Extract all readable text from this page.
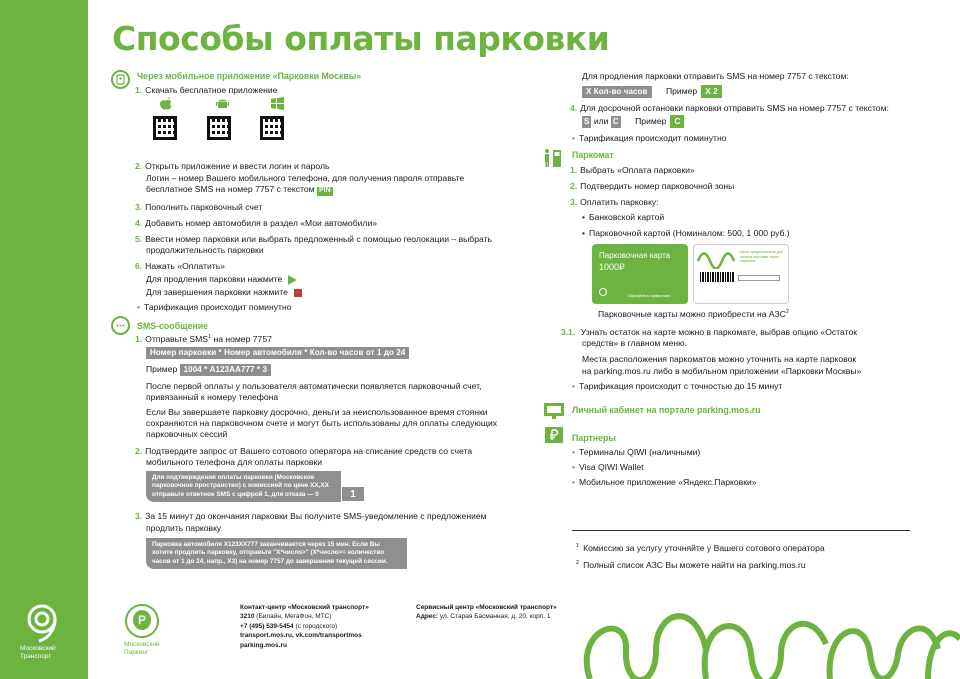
Способы оплаты парковки
Через мобильное приложение «Парковки Москвы»
1. Скачать бесплатное приложение
2. Открыть приложение и ввести логин и пароль
Логин – номер Вашего мобильного телефона, для получения пароля отправьте
бесплатное SMS на номер 7757 с текстом PIN
3. Пополнить парковочный счет
4. Добавить номер автомобиля в раздел «Мои автомобили»
5. Ввести номер парковки или выбрать предложенный с помощью геолокации – выбрать
продолжительность парковки
6. Нажать «Оплатить»
Для продления парковки нажмите
Для завершения парковки нажмите
• Тарификация происходит поминутно
SMS-сообщение
1. Отправьте SMS$^1$ на номер 7757
Номер парковки * Номер автомобиля * Кол-во часов от 1 до 24
Пример 1004 * А123АА777 * 3
После первой оплаты у пользователя автоматически появляется парковочный счет,
привязанный к номеру телефона
Если Вы завершаете парковку досрочно, деньги за неиспользованное время стоянки
сохраняются на парковочном счете и могут быть использованы для оплаты следующих
парковочных сессий
2. Подтвердите запрос от Вашего сотового оператора на списание средств со счета
мобильного телефона для оплаты парковки
Для подтверждения оплаты парковки (Московское
парковочное пространство) с комиссией по цене XX,XX
отправьте ответное SMS с цифрой 1, для отказа — 0	1
3. За 15 минут до окончания парковки Вы получите SMS-уведомление с предложением
продлить парковку
Парковка автомобиля Х123ХХ777 заканчивается через 15 мин. Если Вы
хотите продлить парковку, отправьте "Х*число>" (Х*число>= количество
часов от 1 до 24, напр., Х3) на номер 7757 до завершения текущей сессии.
Для продления парковки отправить SMS на номер 7757 с текстом:
Х Кол-во часов Пример Х 2
4. Для досрочной остановки парковки отправить SMS на номер 7757 с текстом:
S или С Пример С
• Тарификация происходит поминутно
Паркомат
1. Выбрать «Оплата парковки»
2. Подтвердить номер парковочной зоны
3. Оплатить парковку:
• Банковской картой
• Парковочной картой (Номиналом: 500, 1 000 руб.)
Парковочная карта
1000₽
Паркуйтесь правильно
карта предназначена для оплаты парковки через паркомат
Парковочные карты можно приобрести на АЗС$^2$
3.1. Узнать остаток на карте можно в паркомате, выбрав опцию «Остаток
средств» в главном меню.
Места расположения паркоматов можно уточнить на карте парковок
на parking.mos.ru либо в мобильном приложении «Парковки Москвы»
• Тарификация происходит с точностью до 15 минут
Личный кабинет на портале parking.mos.ru
Партнеры
• Терминалы QIWI (наличными)
• Visa QIWI Wallet
• Мобильное приложение «Яндекс.Парковки»
$^1$ Комиссию за услугу уточняйте у Вашего сотового оператора
$^2$ Полный список АЗС Вы можете найти на parking.mos.ru
Московский
Транспорт
P
Московский
Паркинг
Контакт-центр «Московский транспорт»
3210 (Билайн, МегаФон, МТС)
+7 (495) 539-5454 (с городского)
transport.mos.ru, vk.com/transportmos
parking.mos.ru
Сервисный центр «Московский транспорт»
Адрес: ул. Старая Басманная, д. 20, корп. 1
